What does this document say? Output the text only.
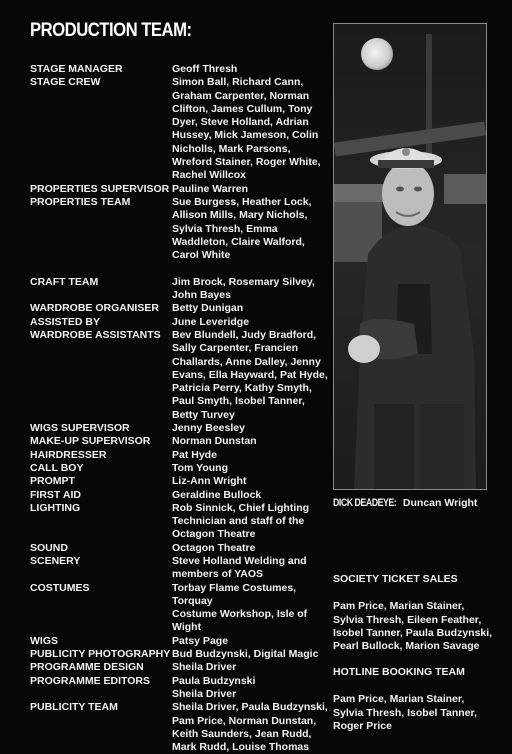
PRODUCTION TEAM:
STAGE MANAGER	Geoff Thresh
STAGE CREW	Simon Ball, Richard Cann, Graham Carpenter, Norman Clifton, James Cullum, Tony Dyer, Steve Holland, Adrian Hussey, Mick Jameson, Colin Nicholls, Mark Parsons, Wreford Stainer, Roger White, Rachel Willcox
PROPERTIES SUPERVISOR Pauline Warren
PROPERTIES TEAM	Sue Burgess, Heather Lock, Allison Mills, Mary Nichols, Sylvia Thresh, Emma Waddleton, Claire Walford, Carol White
CRAFT TEAM	Jim Brock, Rosemary Silvey, John Bayes
WARDROBE ORGANISER	Betty Dunigan
ASSISTED BY	June Leveridge
WARDROBE ASSISTANTS	Bev Blundell, Judy Bradford, Sally Carpenter, Francien Challards, Anne Dalley, Jenny Evans, Ella Hayward, Pat Hyde, Patricia Perry, Kathy Smyth, Paul Smyth, Isobel Tanner, Betty Turvey
WIGS SUPERVISOR	Jenny Beesley
MAKE-UP SUPERVISOR	Norman Dunstan
HAIRDRESSER	Pat Hyde
CALL BOY	Tom Young
PROMPT	Liz-Ann Wright
FIRST AID	Geraldine Bullock
LIGHTING	Rob Sinnick, Chief Lighting Technician and staff of the Octagon Theatre
SOUND	Octagon Theatre
SCENERY	Steve Holland Welding and members of YAOS
COSTUMES	Torbay Flame Costumes, Torquay
Costume Workshop, Isle of Wight
WIGS	Patsy Page
PUBLICITY PHOTOGRAPHY Bud Budzynski, Digital Magic
PROGRAMME DESIGN	Sheila Driver
PROGRAMME EDITORS	Paula Budzynski
Sheila Driver
PUBLICITY TEAM	Sheila Driver, Paula Budzynski, Pam Price, Norman Dunstan, Keith Saunders, Jean Rudd, Mark Rudd, Louise Thomas
DICK DEADEYE: Duncan Wright
SOCIETY TICKET SALES
Pam Price, Marian Stainer, Sylvia Thresh, Eileen Feather, Isobel Tanner, Paula Budzynski, Pearl Bullock, Marion Savage
HOTLINE BOOKING TEAM
Pam Price, Marian Stainer, Sylvia Thresh, Isobel Tanner, Roger Price
